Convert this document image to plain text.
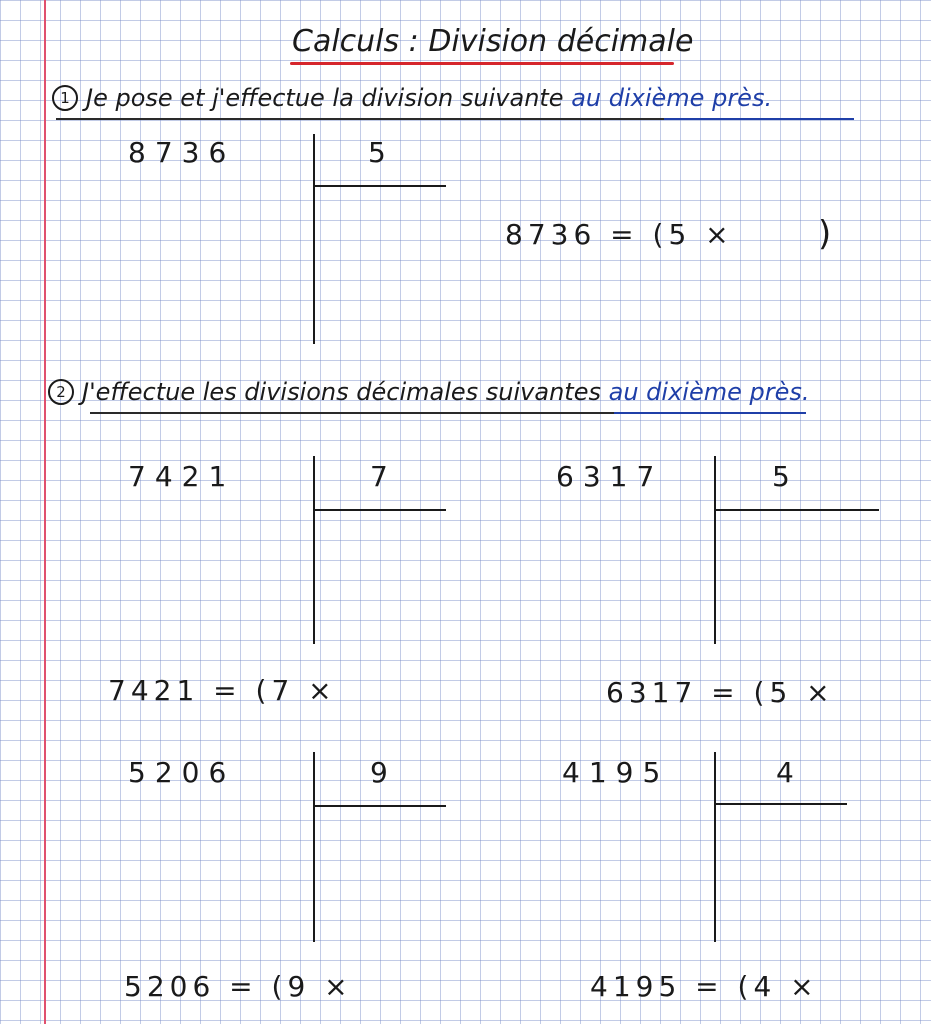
Calculs : Division décimale
1 Je pose et j'effectue la division suivante au dixième près.
8736	5
8736 = (5 × )
2 J'effectue les divisions décimales suivantes au dixième près.
7421	7	6317	5
7421 = (7 ×	6317 = (5 ×
5206	9	4195	4
5206 = (9 ×	4195 = (4 ×
